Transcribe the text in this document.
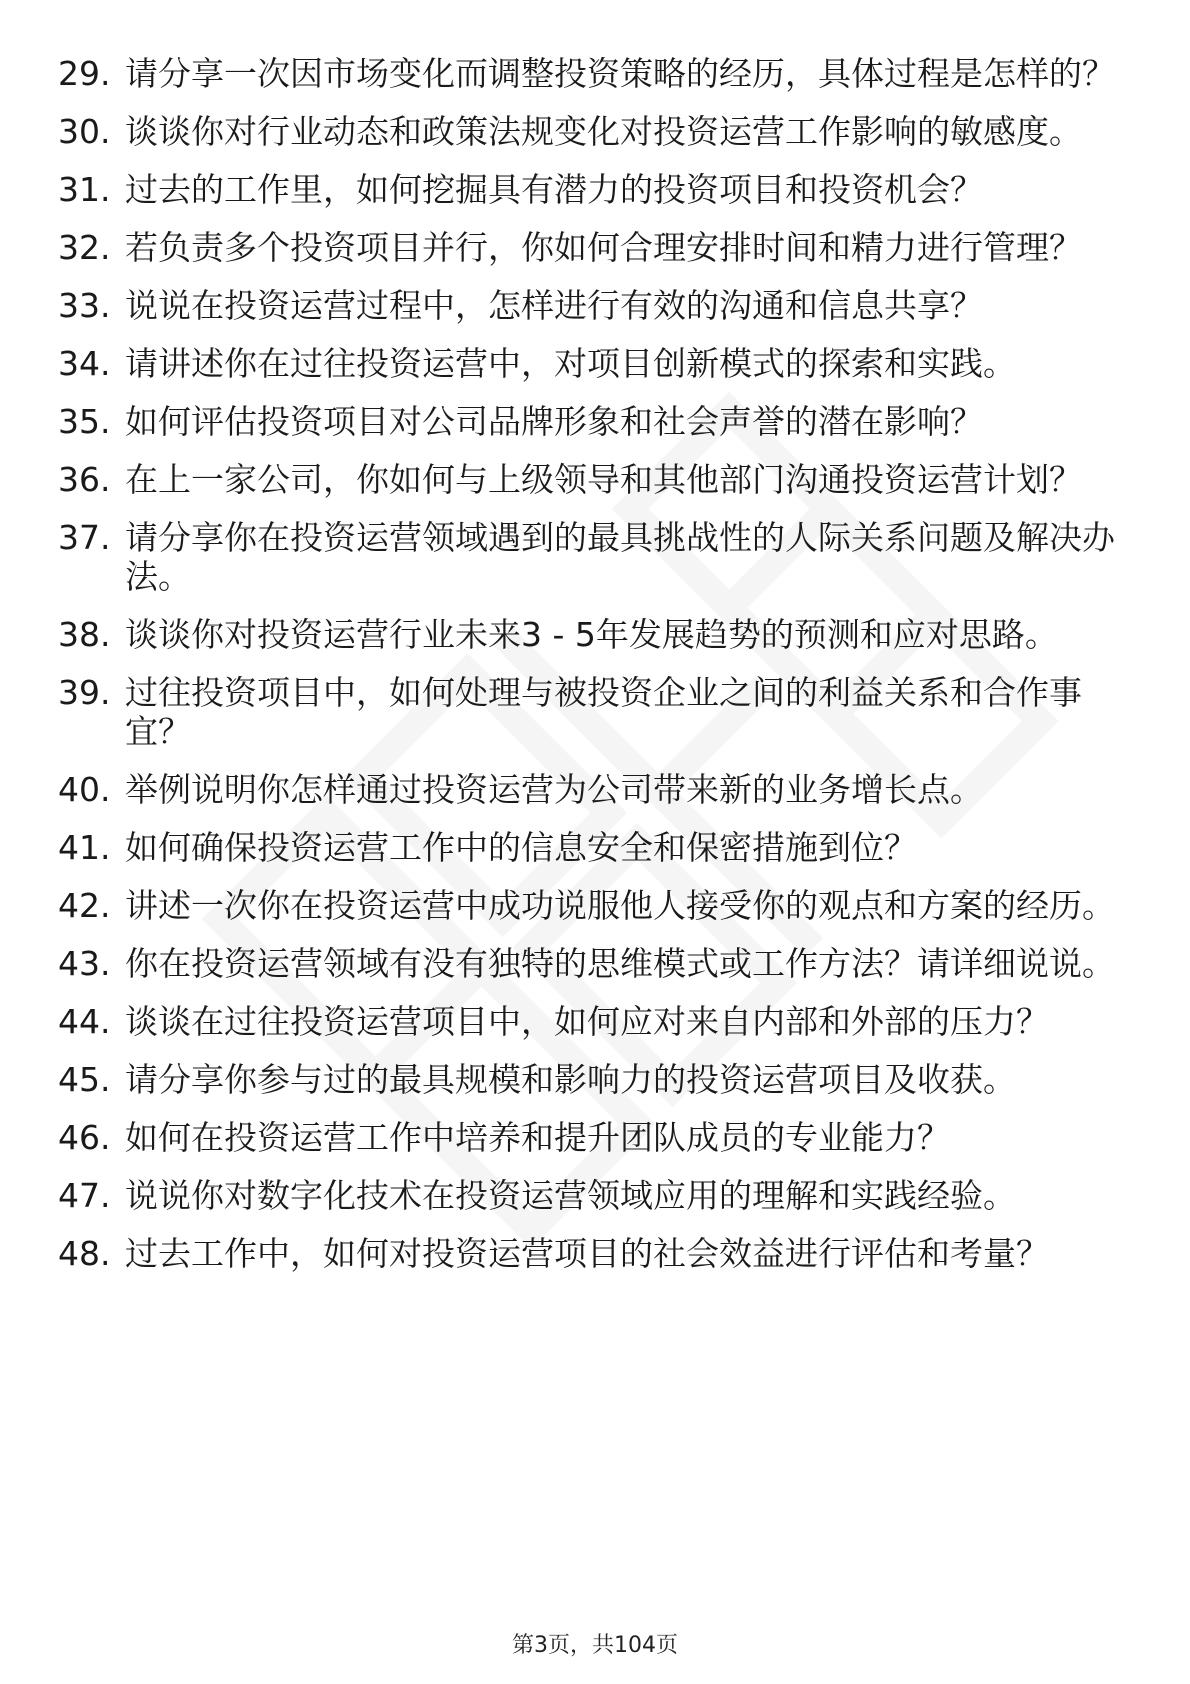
29. 请分享一次因市场变化而调整投资策略的经历，具体过程是怎样的？
30. 谈谈你对行业动态和政策法规变化对投资运营工作影响的敏感度。
31. 过去的工作里，如何挖掘具有潜力的投资项目和投资机会？
32. 若负责多个投资项目并行，你如何合理安排时间和精力进行管理？
33. 说说在投资运营过程中，怎样进行有效的沟通和信息共享？
34. 请讲述你在过往投资运营中，对项目创新模式的探索和实践。
35. 如何评估投资项目对公司品牌形象和社会声誉的潜在影响？
36. 在上一家公司，你如何与上级领导和其他部门沟通投资运营计划？
37. 请分享你在投资运营领域遇到的最具挑战性的人际关系问题及解决办法。
38. 谈谈你对投资运营行业未来3 - 5年发展趋势的预测和应对思路。
39. 过往投资项目中，如何处理与被投资企业之间的利益关系和合作事宜？
40. 举例说明你怎样通过投资运营为公司带来新的业务增长点。
41. 如何确保投资运营工作中的信息安全和保密措施到位？
42. 讲述一次你在投资运营中成功说服他人接受你的观点和方案的经历。
43. 你在投资运营领域有没有独特的思维模式或工作方法？请详细说说。
44. 谈谈在过往投资运营项目中，如何应对来自内部和外部的压力？
45. 请分享你参与过的最具规模和影响力的投资运营项目及收获。
46. 如何在投资运营工作中培养和提升团队成员的专业能力？
47. 说说你对数字化技术在投资运营领域应用的理解和实践经验。
48. 过去工作中，如何对投资运营项目的社会效益进行评估和考量？
第3页，共104页
